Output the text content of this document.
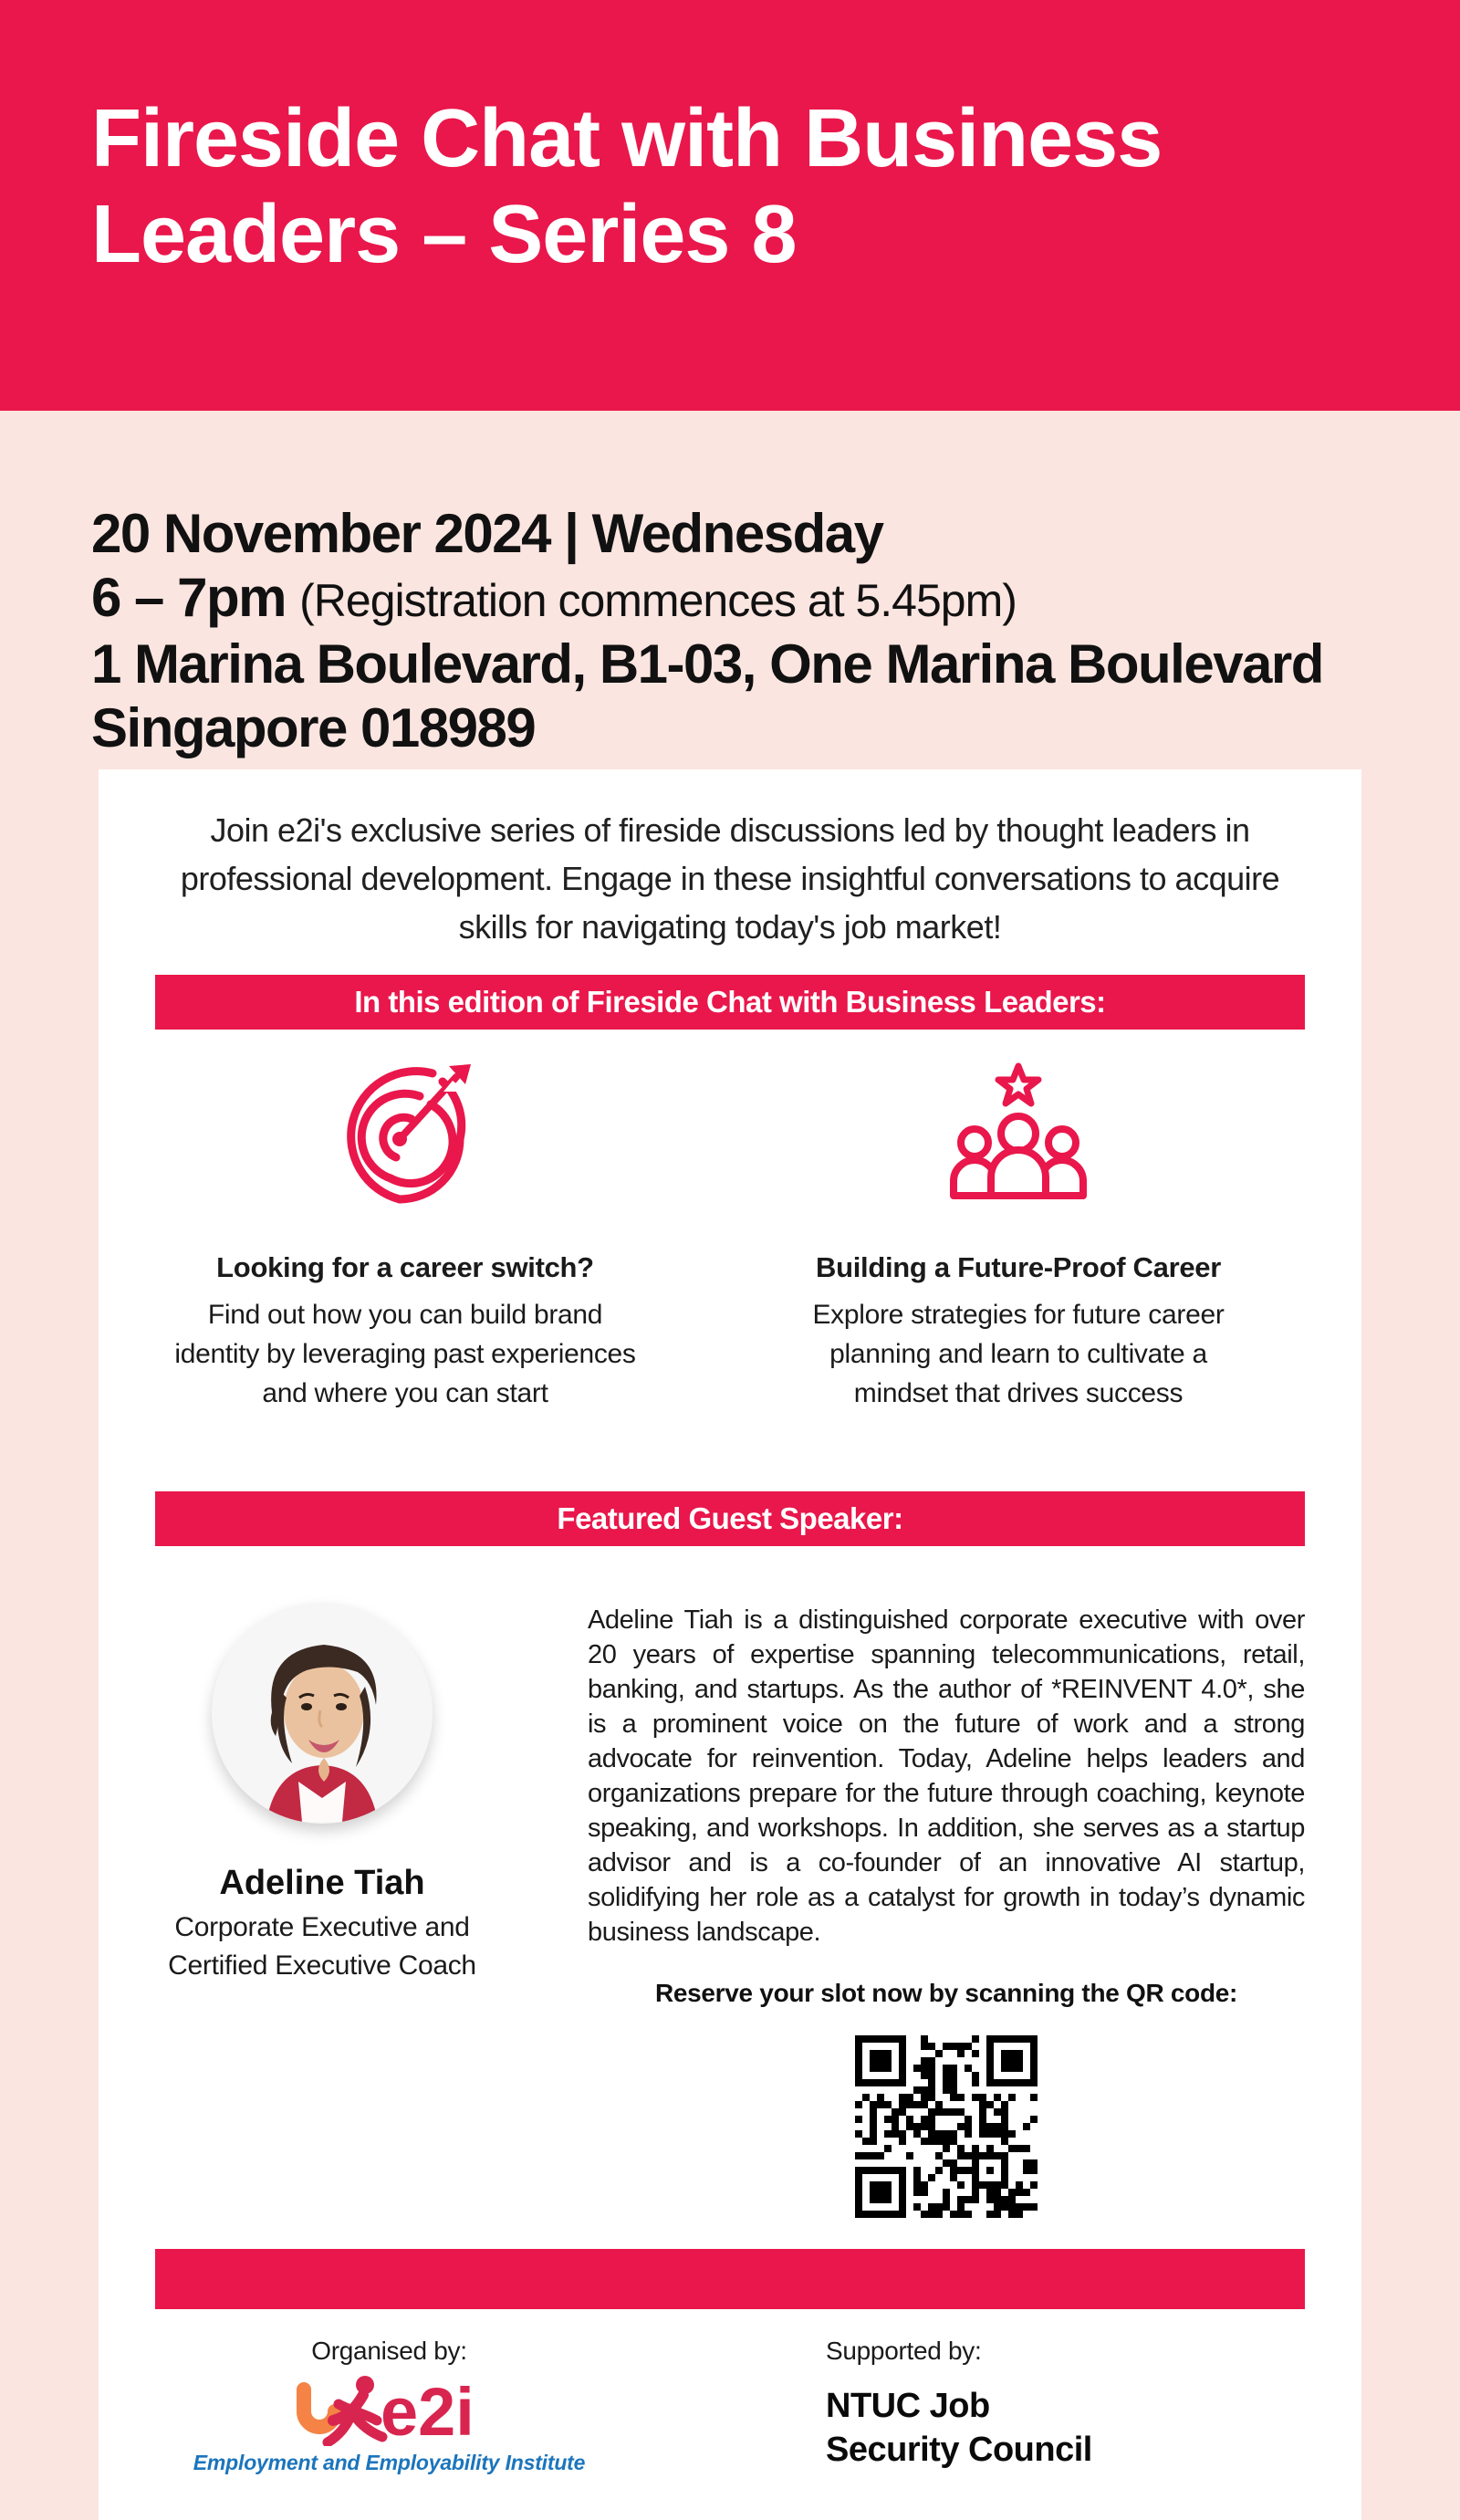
Fireside Chat with Business Leaders – Series 8
20 November 2024 | Wednesday
6 – 7pm (Registration commences at 5.45pm)
1 Marina Boulevard, B1-03, One Marina Boulevard
Singapore 018989

Join e2i's exclusive series of fireside discussions led by thought leaders in professional development. Engage in these insightful conversations to acquire skills for navigating today's job market!

In this edition of Fireside Chat with Business Leaders:
Looking for a career switch?

Find out how you can build brand identity by leveraging past experiences and where you can start

Building a Future-Proof Career

Explore strategies for future career planning and learn to cultivate a mindset that drives success

Featured Guest Speaker:
Adeline Tiah
Corporate Executive and Certified Executive Coach

Adeline Tiah is a distinguished corporate executive with over 20 years of expertise spanning telecommunications, retail, banking, and startups. As the author of *REINVENT 4.0*, she is a prominent voice on the future of work and a strong advocate for reinvention. Today, Adeline helps leaders and organizations prepare for the future through coaching, keynote speaking, and workshops. In addition, she serves as a startup advisor and is a co-founder of an innovative AI startup, solidifying her role as a catalyst for growth in today’s dynamic business landscape.

Reserve your slot now by scanning the QR code:
Organised by:
e2i
Employment and Employability Institute
Supported by:
NTUC Job
Security Council
